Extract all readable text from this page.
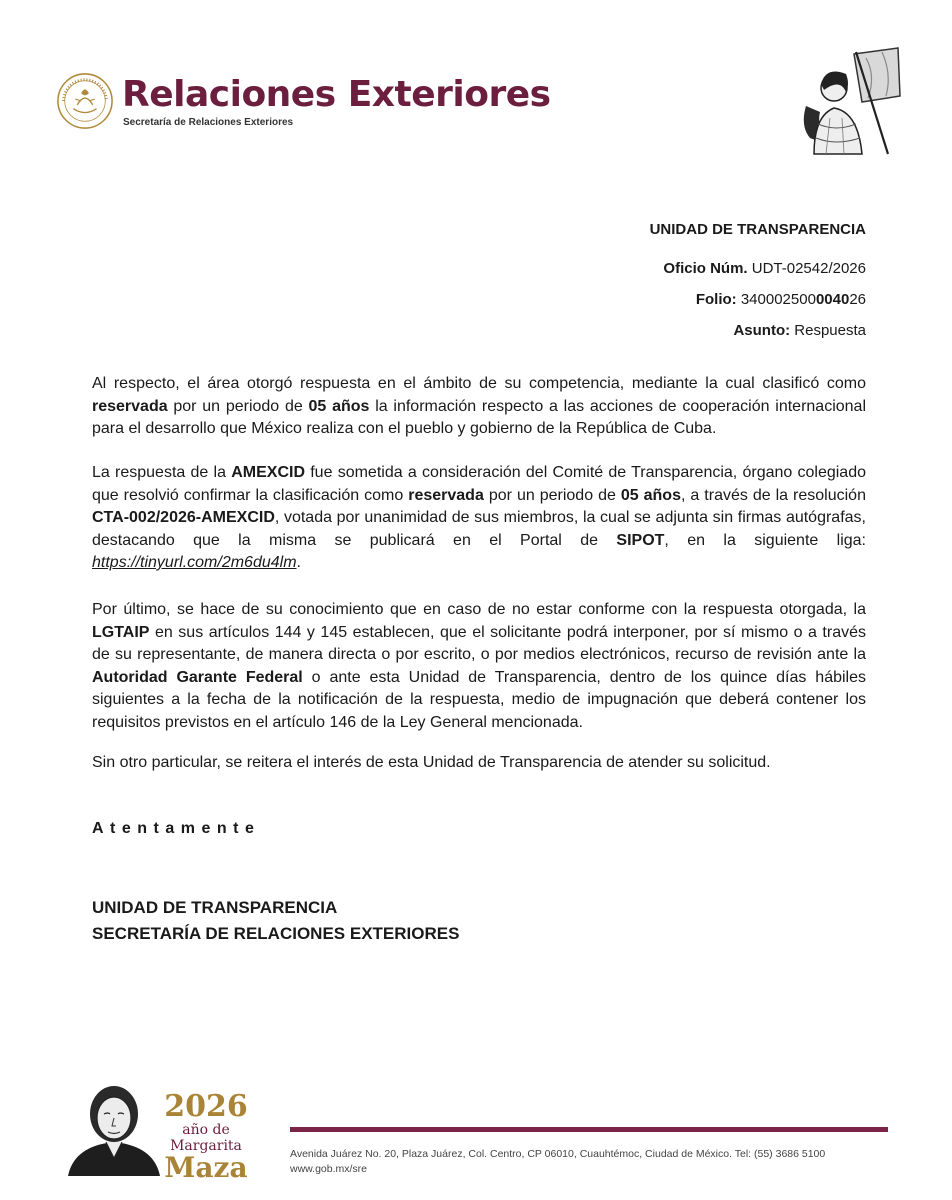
Relaciones Exteriores
Secretaría de Relaciones Exteriores
UNIDAD DE TRANSPARENCIA
Oficio Núm. UDT-02542/2026
Folio: 340002500004026
Asunto: Respuesta

Al respecto, el área otorgó respuesta en el ámbito de su competencia, mediante la cual clasificó como reservada por un periodo de 05 años la información respecto a las acciones de cooperación internacional para el desarrollo que México realiza con el pueblo y gobierno de la República de Cuba.

La respuesta de la AMEXCID fue sometida a consideración del Comité de Transparencia, órgano colegiado que resolvió confirmar la clasificación como reservada por un periodo de 05 años, a través de la resolución CTA-002/2026-AMEXCID, votada por unanimidad de sus miembros, la cual se adjunta sin firmas autógrafas, destacando que la misma se publicará en el Portal de SIPOT, en la siguiente liga: https://tinyurl.com/2m6du4lm.

Por último, se hace de su conocimiento que en caso de no estar conforme con la respuesta otorgada, la LGTAIP en sus artículos 144 y 145 establecen, que el solicitante podrá interponer, por sí mismo o a través de su representante, de manera directa o por escrito, o por medios electrónicos, recurso de revisión ante la Autoridad Garante Federal o ante esta Unidad de Transparencia, dentro de los quince días hábiles siguientes a la fecha de la notificación de la respuesta, medio de impugnación que deberá contener los requisitos previstos en el artículo 146 de la Ley General mencionada.

Sin otro particular, se reitera el interés de esta Unidad de Transparencia de atender su solicitud.

Atentamente
UNIDAD DE TRANSPARENCIA
SECRETARÍA DE RELACIONES EXTERIORES
2026
año de
Margarita
Maza	Avenida Juárez No. 20, Plaza Juárez, Col. Centro, CP 06010, Cuauhtémoc, Ciudad de México. Tel: (55) 3686 5100
www.gob.mx/sre
